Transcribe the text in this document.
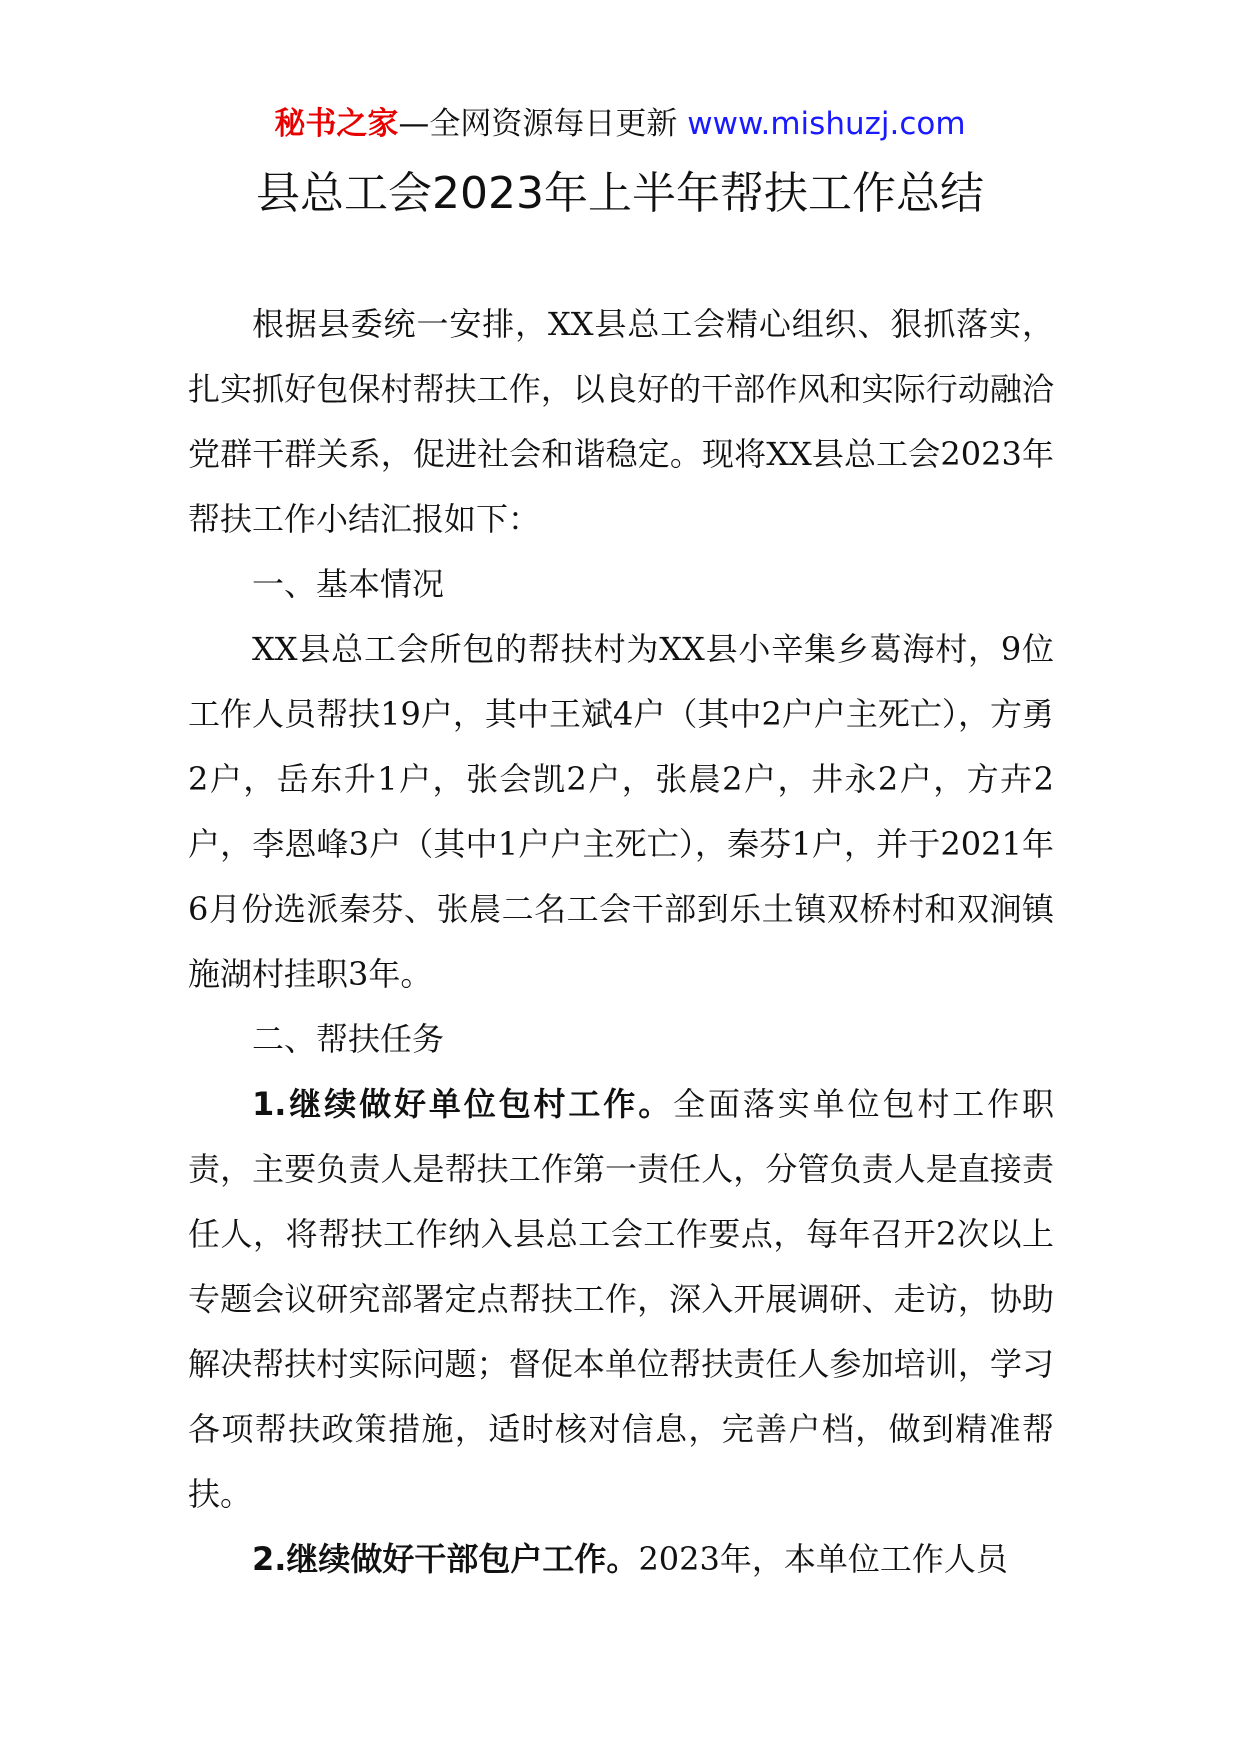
秘书之家—全网资源每日更新 www.mishuzj.com
县总工会2023年上半年帮扶工作总结

根据县委统一安排，XX县总工会精心组织、狠抓落实，扎实抓好包保村帮扶工作，以良好的干部作风和实际行动融洽党群干群关系，促进社会和谐稳定。现将XX县总工会2023年帮扶工作小结汇报如下：

一、基本情况

XX县总工会所包的帮扶村为XX县小辛集乡葛海村，9位工作人员帮扶19户，其中王斌4户（其中2户户主死亡），方勇2户，岳东升1户，张会凯2户，张晨2户，井永2户，方卉2户，李恩峰3户（其中1户户主死亡），秦芬1户，并于2021年6月份选派秦芬、张晨二名工会干部到乐土镇双桥村和双涧镇施湖村挂职3年。

二、帮扶任务

1.继续做好单位包村工作。全面落实单位包村工作职责，主要负责人是帮扶工作第一责任人，分管负责人是直接责任人，将帮扶工作纳入县总工会工作要点，每年召开2次以上专题会议研究部署定点帮扶工作，深入开展调研、走访，协助解决帮扶村实际问题；督促本单位帮扶责任人参加培训，学习各项帮扶政策措施，适时核对信息，完善户档，做到精准帮扶。

2.继续做好干部包户工作。2023年，本单位工作人员
